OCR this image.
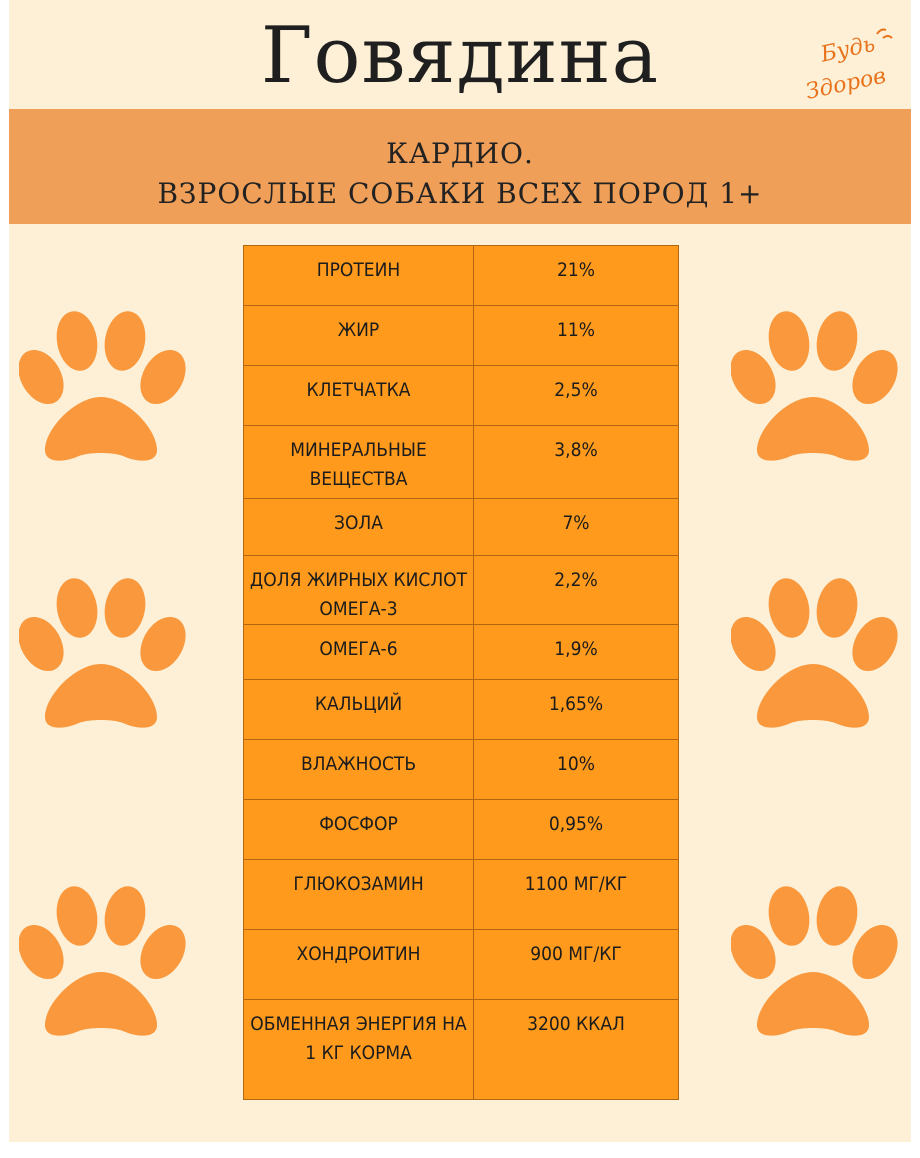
Говядина	Будь
Здоров
КАРДИО.
ВЗРОСЛЫЕ СОБАКИ ВСЕХ ПОРОД 1+
ПРОТЕИН	21%
ЖИР	11%
КЛЕТЧАТКА	2,5%
МИНЕРАЛЬНЫЕ ВЕЩЕСТВА	3,8%
ЗОЛА	7%
ДОЛЯ ЖИРНЫХ КИСЛОТ ОМЕГА-3	2,2%
ОМЕГА-6	1,9%
КАЛЬЦИЙ	1,65%
ВЛАЖНОСТЬ	10%
ФОСФОР	0,95%
ГЛЮКОЗАМИН	1100 МГ/КГ
ХОНДРОИТИН	900 МГ/КГ
ОБМЕННАЯ ЭНЕРГИЯ НА 1 КГ КОРМА	3200 ККАЛ
